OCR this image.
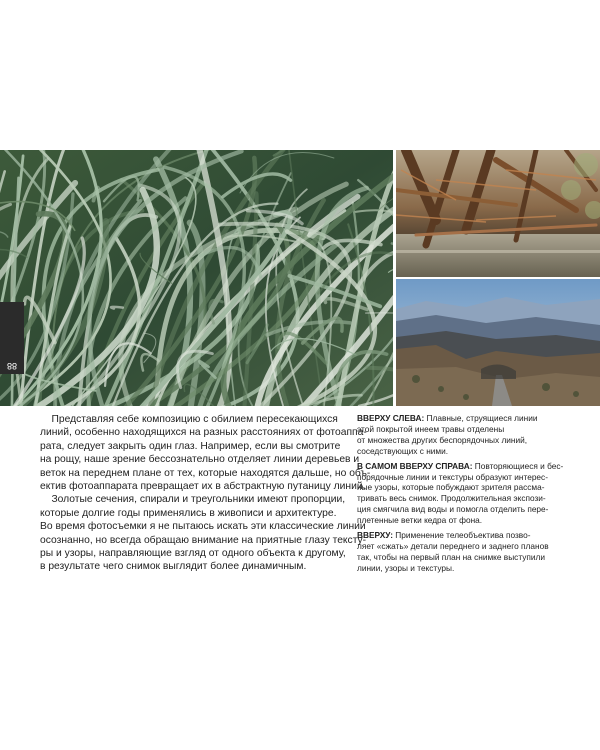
88
Представляя себе композицию с обилием пересекающихся
линий, особенно находящихся на разных расстояниях от фотоаппа-
рата, следует закрыть один глаз. Например, если вы смотрите
на рощу, наше зрение бессознательно отделяет линии деревьев и
веток на переднем плане от тех, которые находятся дальше, но объ-
ектив фотоаппарата превращает их в абстрактную путаницу линий.
Золотые сечения, спирали и треугольники имеют пропорции,
которые долгие годы применялись в живописи и архитектуре.
Во время фотосъемки я не пытаюсь искать эти классические линии
осознанно, но всегда обращаю внимание на приятные глазу тексту-
ры и узоры, направляющие взгляд от одного объекта к другому,
в результате чего снимок выглядит более динамичным.
ВВЕРХУ СЛЕВА: Плавные, струящиеся линии
этой покрытой инеем травы отделены
от множества других беспорядочных линий,
соседствующих с ними.
В САМОМ ВВЕРХУ СПРАВА: Повторяющиеся и бес-
порядочные линии и текстуры образуют интерес-
ные узоры, которые побуждают зрителя рассма-
тривать весь снимок. Продолжительная экспози-
ция смягчила вид воды и помогла отделить пере-
плетенные ветки кедра от фона.
ВВЕРХУ: Применение телеобъектива позво-
ляет «сжать» детали переднего и заднего планов
так, чтобы на первый план на снимке выступили
линии, узоры и текстуры.
